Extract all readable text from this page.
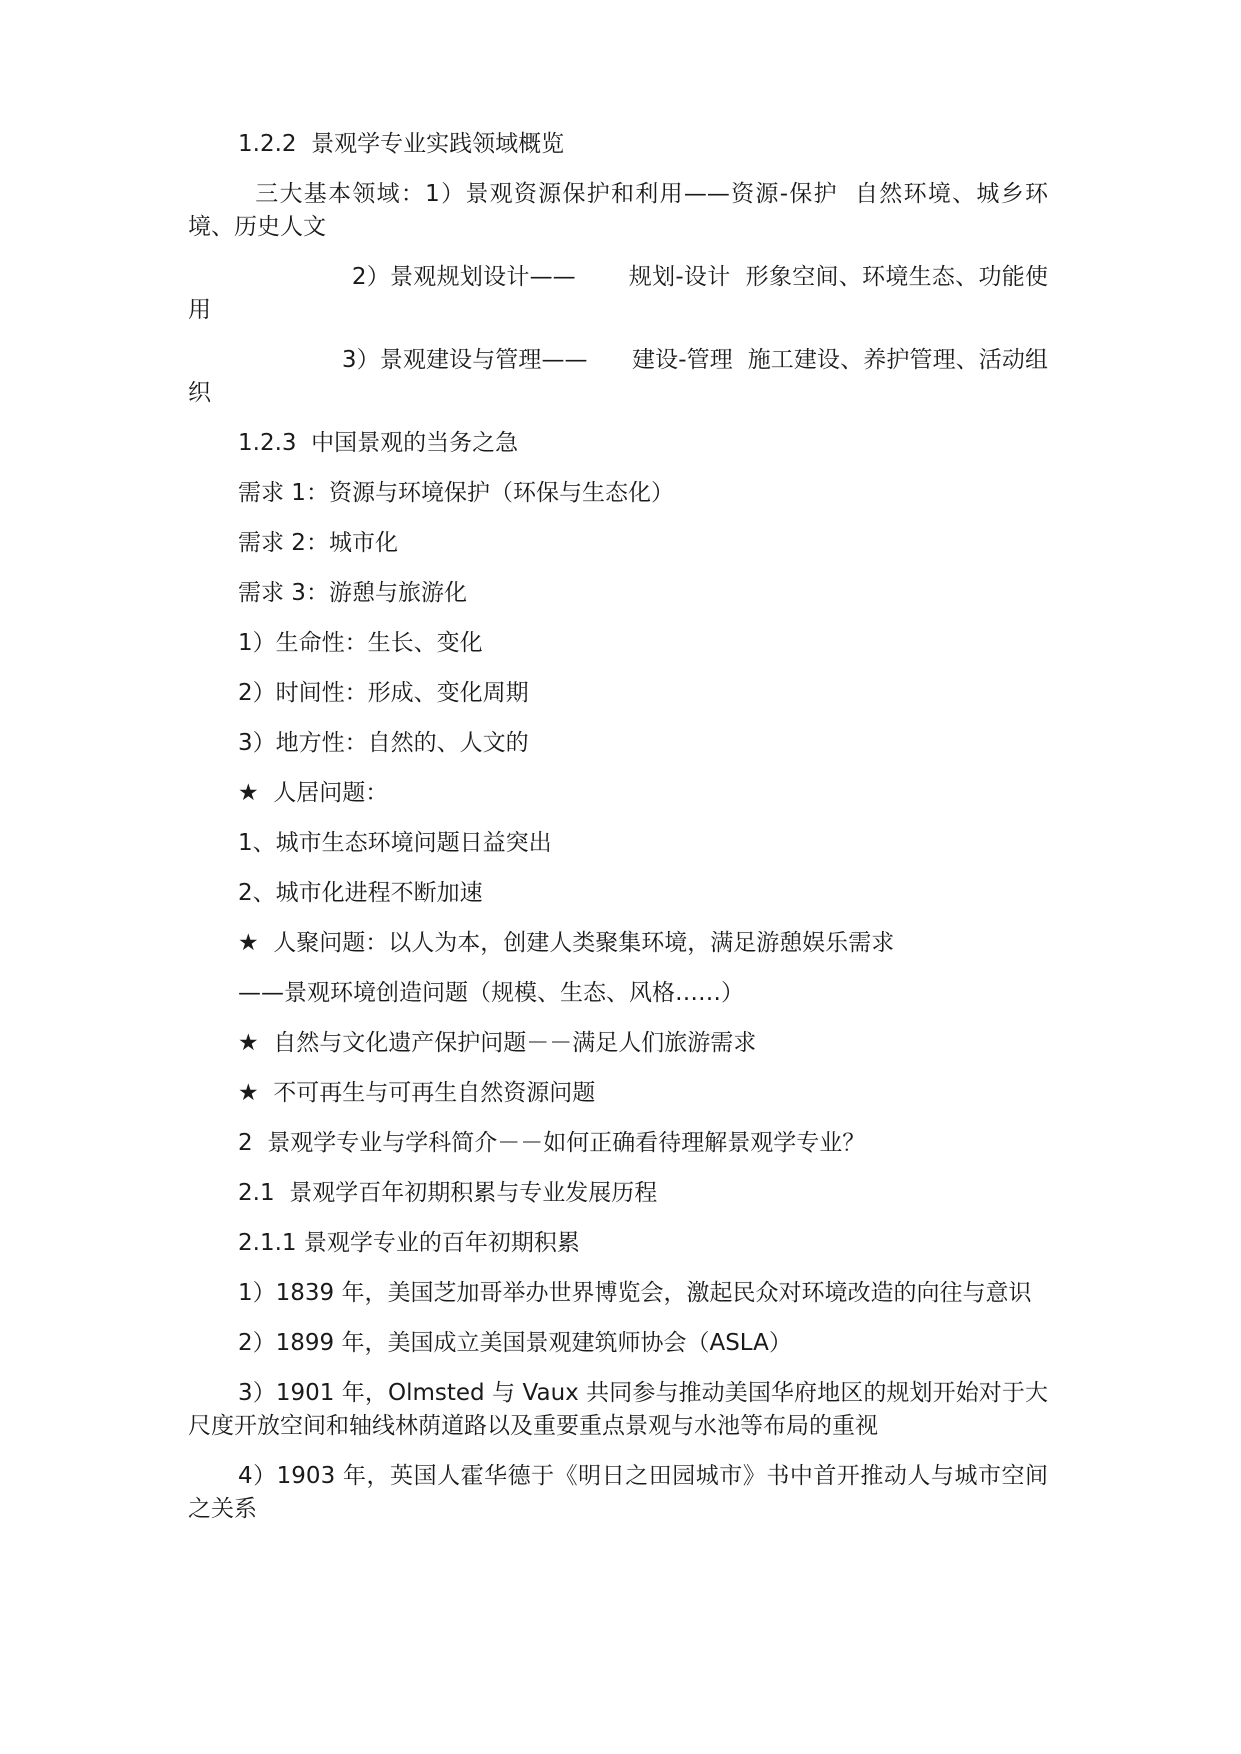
1.2.2  景观学专业实践领域概览
三大基本领域：1）景观资源保护和利用——资源-保护  自然环境、城乡环境、历史人文
2）景观规划设计——       规划-设计  形象空间、环境生态、功能使用
3）景观建设与管理——      建设-管理  施工建设、养护管理、活动组织
1.2.3  中国景观的当务之急
需求 1：资源与环境保护（环保与生态化）
需求 2：城市化
需求 3：游憩与旅游化
1）生命性：生长、变化
2）时间性：形成、变化周期
3）地方性：自然的、人文的
★  人居问题：
1、城市生态环境问题日益突出
2、城市化进程不断加速
★  人聚问题：以人为本，创建人类聚集环境，满足游憩娱乐需求
——景观环境创造问题（规模、生态、风格……）
★  自然与文化遗产保护问题－－满足人们旅游需求
★  不可再生与可再生自然资源问题
2  景观学专业与学科简介－－如何正确看待理解景观学专业？
2.1  景观学百年初期积累与专业发展历程
2.1.1 景观学专业的百年初期积累
1）1839 年，美国芝加哥举办世界博览会，激起民众对环境改造的向往与意识
2）1899 年，美国成立美国景观建筑师协会（ASLA）
3）1901 年，Olmsted 与 Vaux 共同参与推动美国华府地区的规划开始对于大尺度开放空间和轴线林荫道路以及重要重点景观与水池等布局的重视
4）1903 年，英国人霍华德于《明日之田园城市》书中首开推动人与城市空间之关系
